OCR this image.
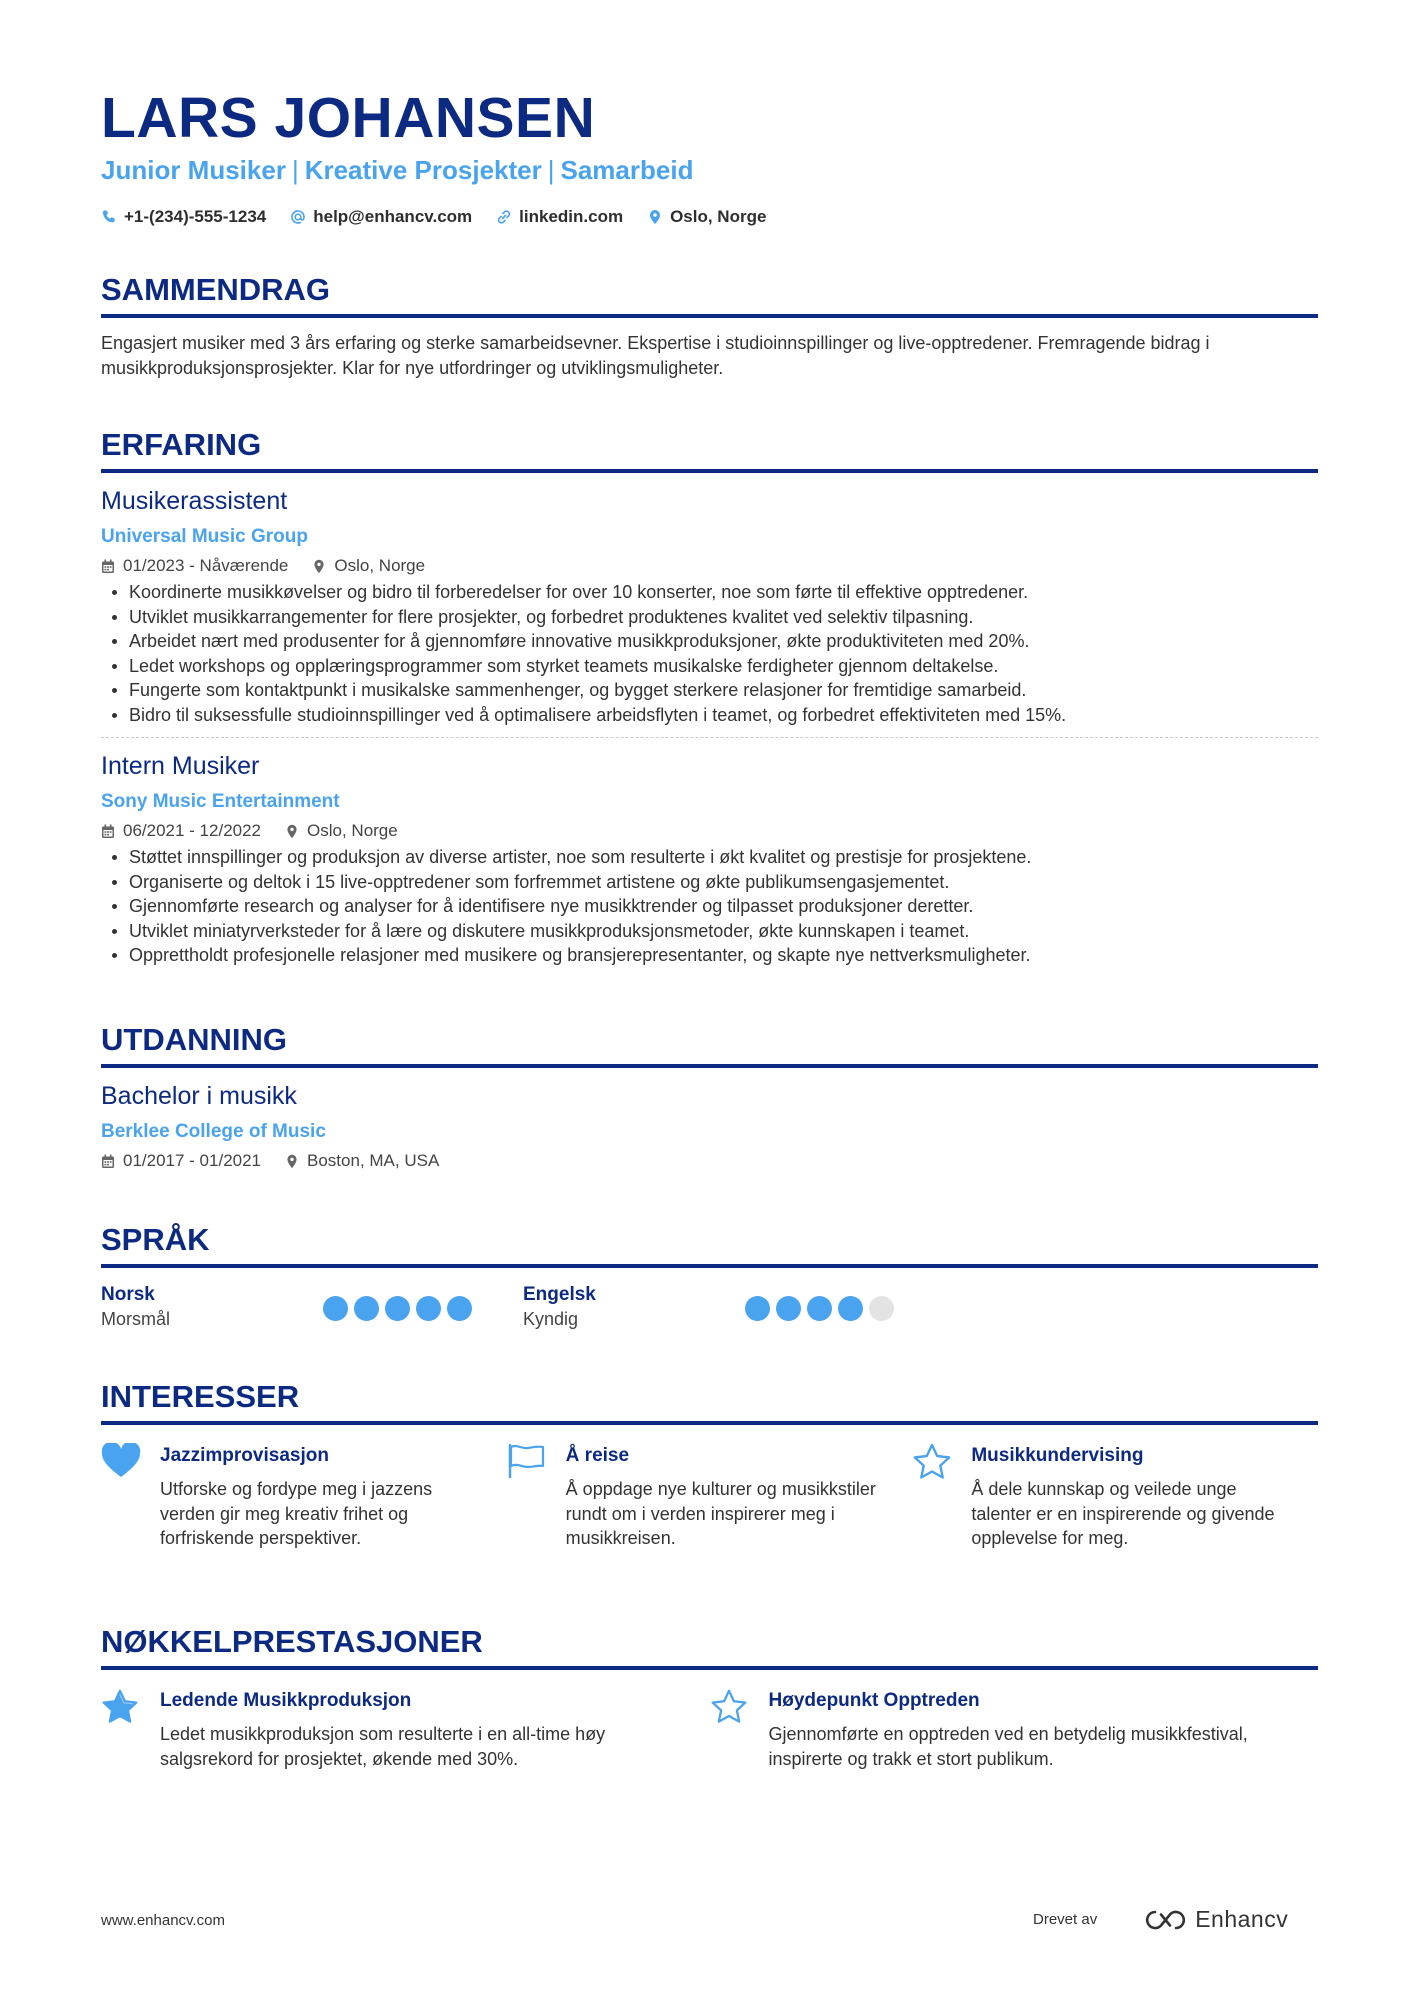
LARS JOHANSEN
Junior Musiker | Kreative Prosjekter | Samarbeid
+1-(234)-555-1234	help@enhancv.com	linkedin.com	Oslo, Norge
SAMMENDRAG
Engasjert musiker med 3 års erfaring og sterke samarbeidsevner. Ekspertise i studioinnspillinger og live-opptredener. Fremragende bidrag i musikkproduksjonsprosjekter. Klar for nye utfordringer og utviklingsmuligheter.
ERFARING
Musikerassistent
Universal Music Group
01/2023 - Nåværende	Oslo, Norge
Koordinerte musikkøvelser og bidro til forberedelser for over 10 konserter, noe som førte til effektive opptredener.
Utviklet musikkarrangementer for flere prosjekter, og forbedret produktenes kvalitet ved selektiv tilpasning.
Arbeidet nært med produsenter for å gjennomføre innovative musikkproduksjoner, økte produktiviteten med 20%.
Ledet workshops og opplæringsprogrammer som styrket teamets musikalske ferdigheter gjennom deltakelse.
Fungerte som kontaktpunkt i musikalske sammenhenger, og bygget sterkere relasjoner for fremtidige samarbeid.
Bidro til suksessfulle studioinnspillinger ved å optimalisere arbeidsflyten i teamet, og forbedret effektiviteten med 15%.
Intern Musiker
Sony Music Entertainment
06/2021 - 12/2022	Oslo, Norge
Støttet innspillinger og produksjon av diverse artister, noe som resulterte i økt kvalitet og prestisje for prosjektene.
Organiserte og deltok i 15 live-opptredener som forfremmet artistene og økte publikumsengasjementet.
Gjennomførte research og analyser for å identifisere nye musikktrender og tilpasset produksjoner deretter.
Utviklet miniatyrverksteder for å lære og diskutere musikkproduksjonsmetoder, økte kunnskapen i teamet.
Opprettholdt profesjonelle relasjoner med musikere og bransjerepresentanter, og skapte nye nettverksmuligheter.
UTDANNING
Bachelor i musikk
Berklee College of Music
01/2017 - 01/2021	Boston, MA, USA
SPRÅK
Norsk
Morsmål
Engelsk
Kyndig
INTERESSER
Jazzimprovisasjon
Utforske og fordype meg i jazzens verden gir meg kreativ frihet og forfriskende perspektiver.
Å reise
Å oppdage nye kulturer og musikkstiler rundt om i verden inspirerer meg i musikkreisen.
Musikkundervising
Å dele kunnskap og veilede unge talenter er en inspirerende og givende opplevelse for meg.
NØKKELPRESTASJONER
Ledende Musikkproduksjon
Ledet musikkproduksjon som resulterte i en all-time høy salgsrekord for prosjektet, økende med 30%.
Høydepunkt Opptreden
Gjennomførte en opptreden ved en betydelig musikkfestival, inspirerte og trakk et stort publikum.
www.enhancv.com	Drevet av	Enhancv
